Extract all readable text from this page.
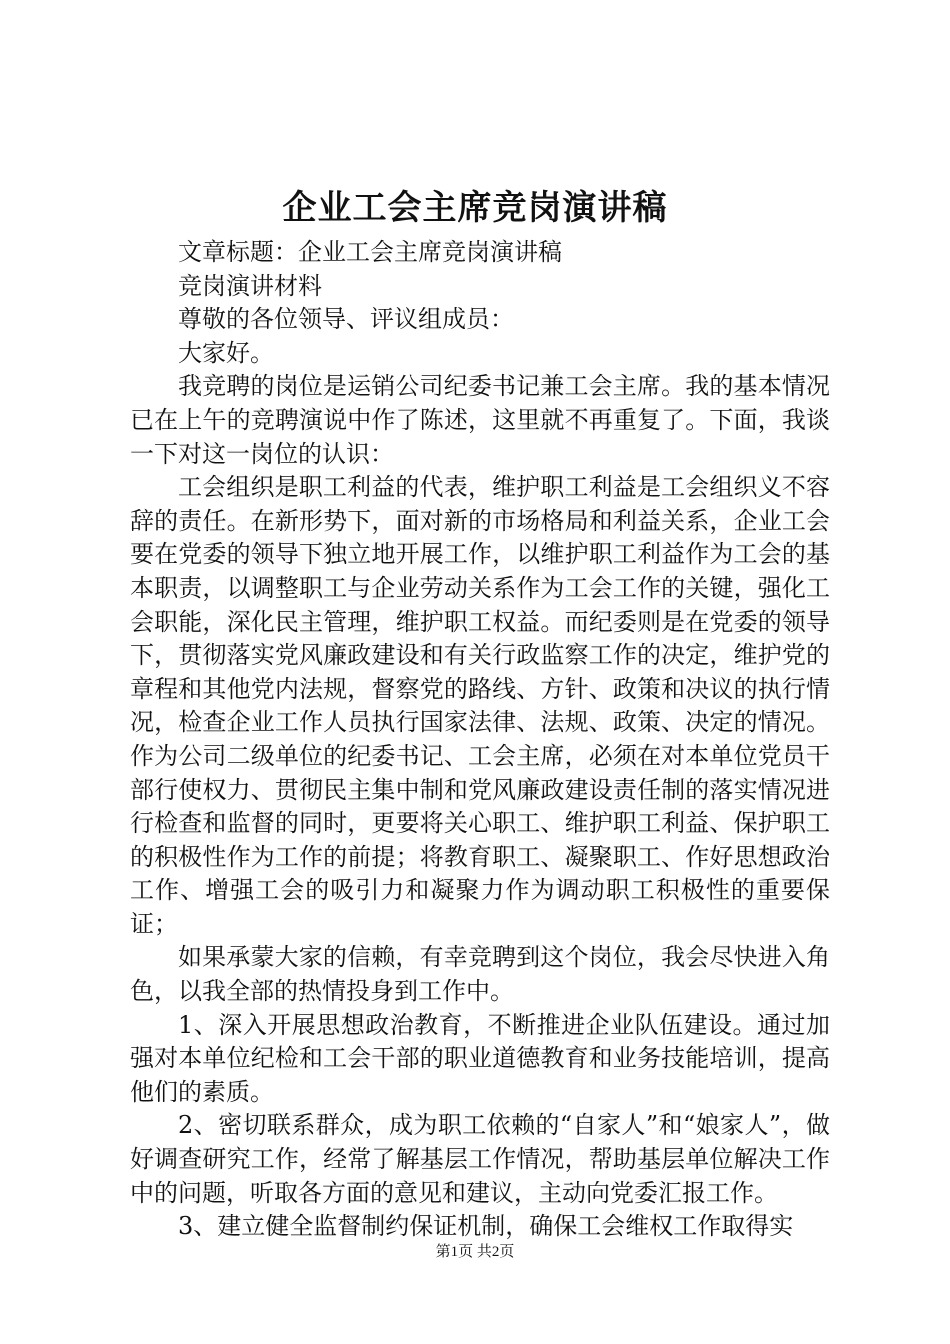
企业工会主席竞岗演讲稿

文章标题：企业工会主席竞岗演讲稿

竞岗演讲材料

尊敬的各位领导、评议组成员：

大家好。

我竞聘的岗位是运销公司纪委书记兼工会主席。我的基本情况已在上午的竞聘演说中作了陈述，这里就不再重复了。下面，我谈一下对这一岗位的认识：

工会组织是职工利益的代表，维护职工利益是工会组织义不容辞的责任。在新形势下，面对新的市场格局和利益关系，企业工会要在党委的领导下独立地开展工作，以维护职工利益作为工会的基本职责，以调整职工与企业劳动关系作为工会工作的关键，强化工会职能，深化民主管理，维护职工权益。而纪委则是在党委的领导下，贯彻落实党风廉政建设和有关行政监察工作的决定，维护党的章程和其他党内法规，督察党的路线、方针、政策和决议的执行情况，检查企业工作人员执行国家法律、法规、政策、决定的情况。作为公司二级单位的纪委书记、工会主席，必须在对本单位党员干部行使权力、贯彻民主集中制和党风廉政建设责任制的落实情况进行检查和监督的同时，更要将关心职工、维护职工利益、保护职工的积极性作为工作的前提；将教育职工、凝聚职工、作好思想政治工作、增强工会的吸引力和凝聚力作为调动职工积极性的重要保证；

如果承蒙大家的信赖，有幸竞聘到这个岗位，我会尽快进入角色，以我全部的热情投身到工作中。

1、深入开展思想政治教育，不断推进企业队伍建设。通过加强对本单位纪检和工会干部的职业道德教育和业务技能培训，提高他们的素质。

2、密切联系群众，成为职工依赖的“自家人”和“娘家人”，做好调查研究工作，经常了解基层工作情况，帮助基层单位解决工作中的问题，听取各方面的意见和建议，主动向党委汇报工作。

3、建立健全监督制约保证机制，确保工会维权工作取得实

第1页 共2页
